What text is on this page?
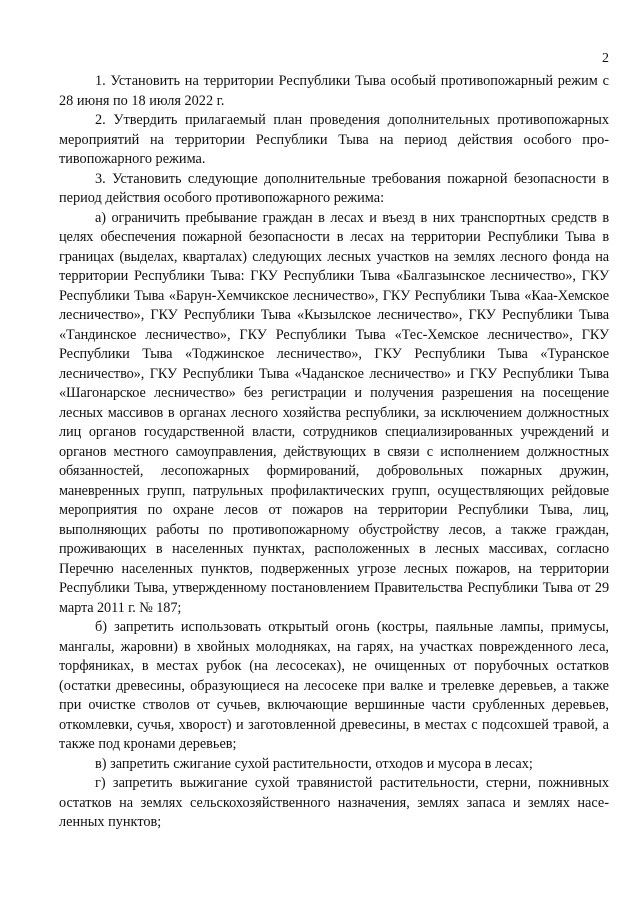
2

1. Установить на территории Республики Тыва особый противопожарный режим с 28 июня по 18 июля 2022 г.

2. Утвердить прилагаемый план проведения дополнительных противопожарных мероприятий на территории Республики Тыва на период действия особого противопожарного режима.

3. Установить следующие дополнительные требования пожарной безопасности в период действия особого противопожарного режима:

а) ограничить пребывание граждан в лесах и въезд в них транспортных средств в целях обеспечения пожарной безопасности в лесах на территории Республики Тыва в границах (выделах, кварталах) следующих лесных участков на землях лесного фонда на территории Республики Тыва: ГКУ Республики Тыва «Балгазынское лесничество», ГКУ Республики Тыва «Барун-Хемчикское лесничество», ГКУ Республики Тыва «Каа-Хемское лесничество», ГКУ Республики Тыва «Кызылское лесничество», ГКУ Республики Тыва «Тандинское лесничество», ГКУ Республики Тыва «Тес-Хемское лесничество», ГКУ Республики Тыва «Тоджинское лесничество», ГКУ Республики Тыва «Туранское лесничество», ГКУ Республики Тыва «Чаданское лесничество» и ГКУ Республики Тыва «Шагонарское лесничество» без регистрации и получения разрешения на посещение лесных массивов в органах лесного хозяйства республики, за исключением должностных лиц органов государственной власти, сотрудников специализированных учреждений и органов местного самоуправления, действующих в связи с исполнением должностных обязанностей, лесопожарных формирований, добровольных пожарных дружин, маневренных групп, патрульных профилактических групп, осуществляющих рейдовые мероприятия по охране лесов от пожаров на территории Республики Тыва, лиц, выполняющих работы по противопожарному обустройству лесов, а также граждан, проживающих в населенных пунктах, расположенных в лесных массивах, согласно Перечню населенных пунктов, подверженных угрозе лесных пожаров, на территории Республики Тыва, утвержденному постановлением Правительства Республики Тыва от 29 марта 2011 г. № 187;

б) запретить использовать открытый огонь (костры, паяльные лампы, примусы, мангалы, жаровни) в хвойных молодняках, на гарях, на участках поврежденного леса, торфяниках, в местах рубок (на лесосеках), не очищенных от порубочных остатков (остатки древесины, образующиеся на лесосеке при валке и трелевке деревьев, а также при очистке стволов от сучьев, включающие вершинные части срубленных деревьев, откомлевки, сучья, хворост) и заготовленной древесины, в местах с подсохшей травой, а также под кронами деревьев;

в) запретить сжигание сухой растительности, отходов и мусора в лесах;

г) запретить выжигание сухой травянистой растительности, стерни, пожнивных остатков на землях сельскохозяйственного назначения, землях запаса и землях населенных пунктов;
